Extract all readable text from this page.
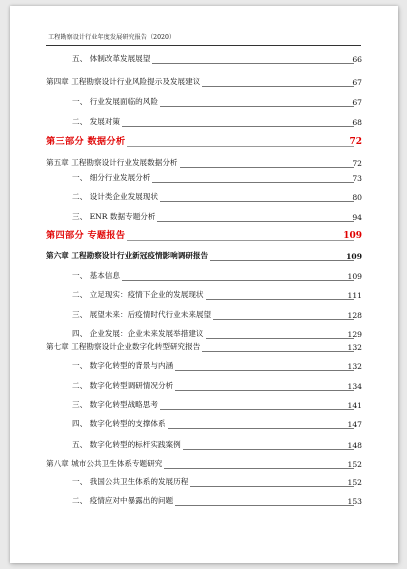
工程勘察设计行业年度发展研究报告（2020）
五、 体制改革发展展望	66
第四章 工程勘察设计行业风险提示及发展建议	67
一、 行业发展面临的风险	67
二、 发展对策	68
第三部分 数据分析	72
第五章 工程勘察设计行业发展数据分析	72
一、 细分行业发展分析	73
二、 设计类企业发展现状	80
三、 ENR 数据专题分析	94
第四部分 专题报告	109
第六章 工程勘察设计行业新冠疫情影响调研报告	109
一、 基本信息	109
二、 立足现实：疫情下企业的发展现状	111
三、 展望未来：后疫情时代行业未来展望	128
四、 企业发展：企业未来发展举措建议	129
第七章 工程勘察设计企业数字化转型研究报告	132
一、 数字化转型的背景与内涵	132
二、 数字化转型调研情况分析	134
三、 数字化转型战略思考	141
四、 数字化转型的支撑体系	147
五、 数字化转型的标杆实践案例	148
第八章 城市公共卫生体系专题研究	152
一、 我国公共卫生体系的发展历程	152
二、 疫情应对中暴露出的问题	153
